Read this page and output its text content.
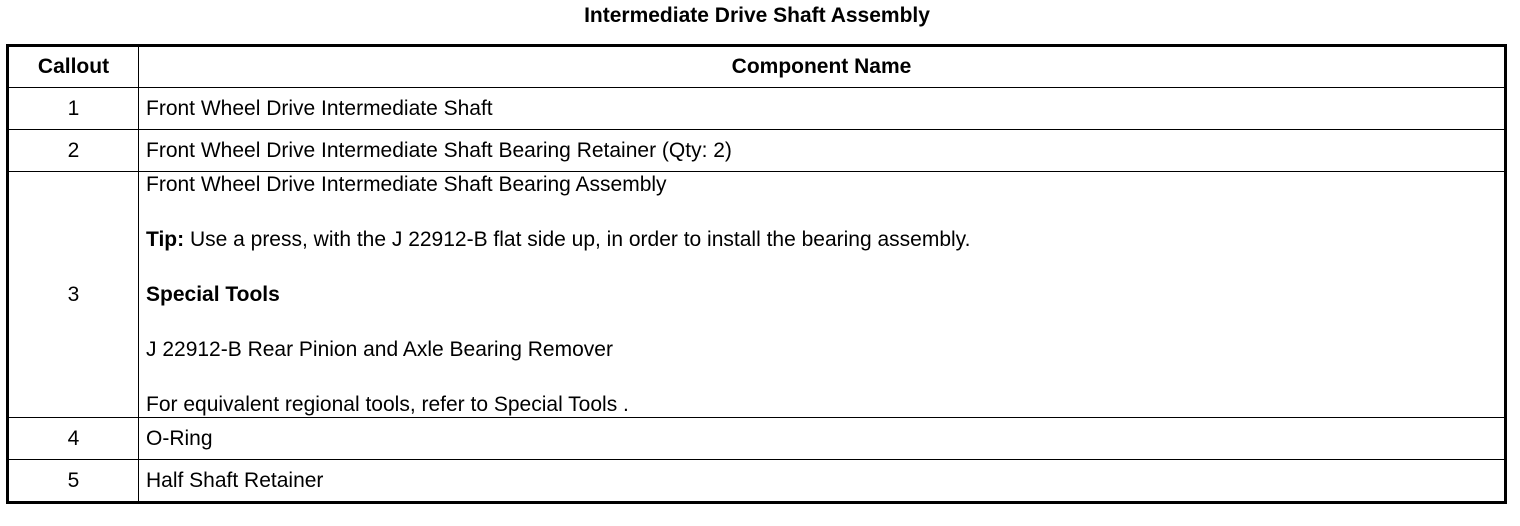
Intermediate Drive Shaft Assembly
Callout	Component Name
1	Front Wheel Drive Intermediate Shaft
2	Front Wheel Drive Intermediate Shaft Bearing Retainer (Qty: 2)
3	Front Wheel Drive Intermediate Shaft Bearing Assembly

Tip: Use a press, with the J 22912-B flat side up, in order to install the bearing assembly.

Special Tools

J 22912-B Rear Pinion and Axle Bearing Remover

For equivalent regional tools, refer to Special Tools .

4	O-Ring
5	Half Shaft Retainer
